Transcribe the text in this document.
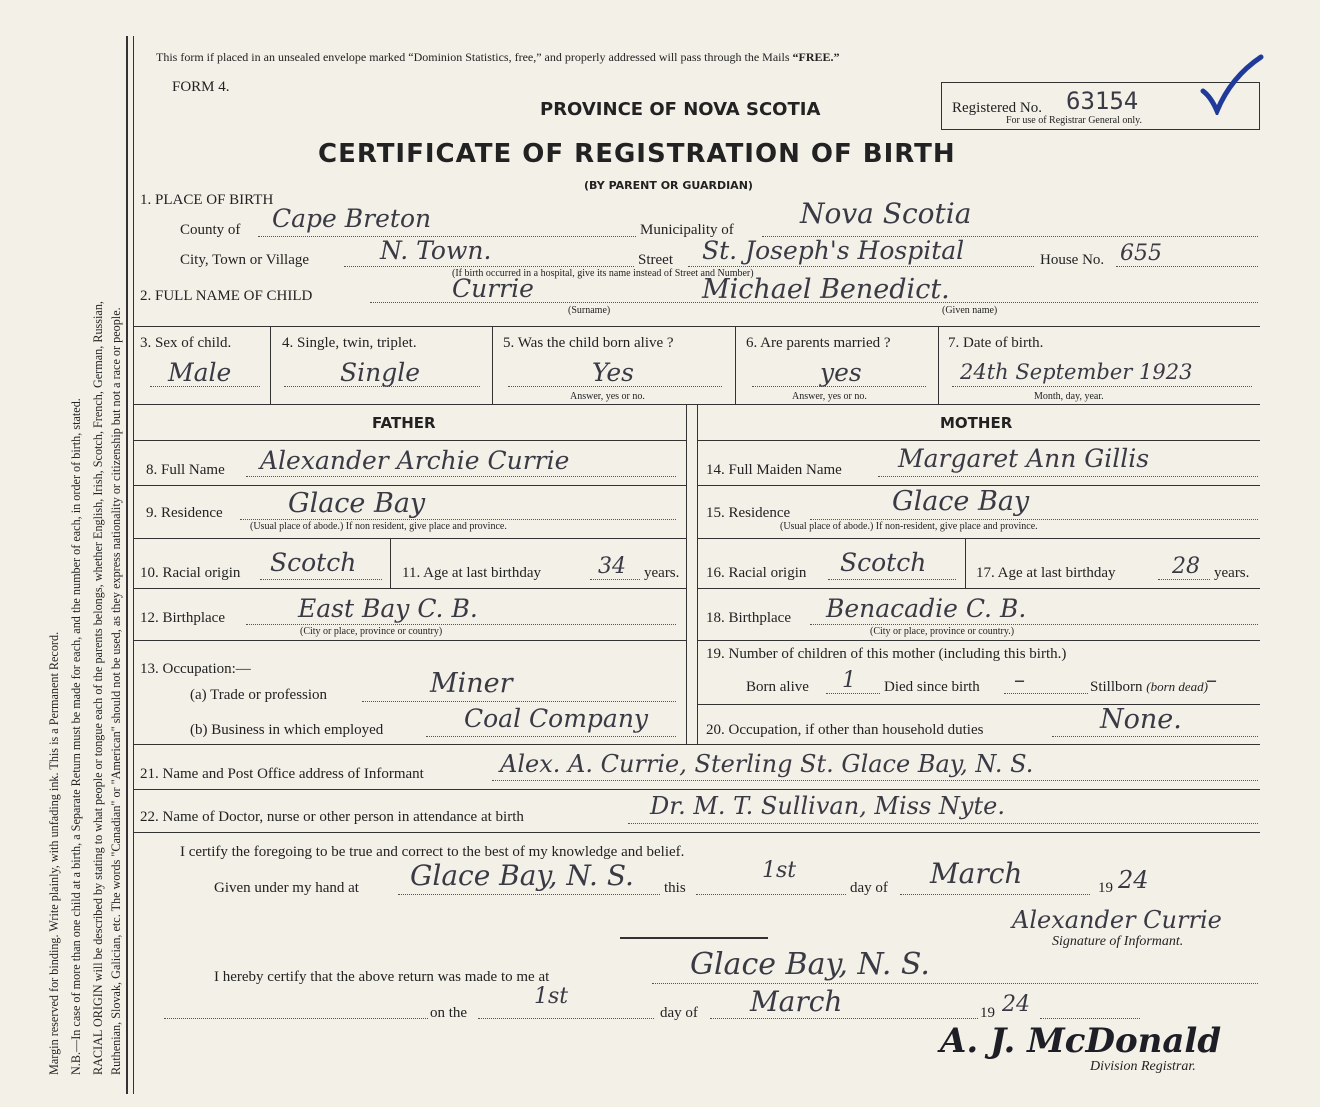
Margin reserved for binding. Write plainly, with unfading ink. This is a Permanent Record. N.B.—In case of more than one child at a birth, a Separate Return must be made for each, and the number of each, in order of birth, stated. RACIAL ORIGIN will be described by stating to what people or tongue each of the parents belongs, whether English, Irish, Scotch, French, German, Russian, Ruthenian, Slovak, Galician, etc. The words "Canadian" or "American" should not be used, as they express nationality or citizenship but not a race or people.
This form if placed in an unsealed envelope marked “Dominion Statistics, free,” and properly addressed will pass through the Mails “FREE.”
FORM 4.
PROVINCE OF NOVA SCOTIA
CERTIFICATE OF REGISTRATION OF BIRTH
(BY PARENT OR GUARDIAN)
Registered No. 63154
For use of Registrar General only.
1. PLACE OF BIRTH
County of Cape Breton	Municipality of Nova Scotia
City, Town or Village	N. Town.	Street St. Joseph's Hospital	House No. 655
(If birth occurred in a hospital, give its name instead of Street and Number)
2. FULL NAME OF CHILD	Currie	Michael Benedict.
(Surname)	(Given name)
3. Sex of child.
Male
4. Single, twin, triplet.
Single
5. Was the child born alive ?
Yes
Answer, yes or no.
6. Are parents married ?
yes
Answer, yes or no.
7. Date of birth.
24th September 1923
Month, day, year.
FATHER
8. Full Name Alexander Archie Currie
9. Residence Glace Bay
(Usual place of abode.) If non resident, give place and province.
10. Racial origin Scotch	11. Age at last birthday	34 years.
12. Birthplace	East Bay C. B.
(City or place, province or country)
13. Occupation:—
(a) Trade or profession	Miner
(b) Business in which employed	Coal Company
MOTHER
14. Full Maiden Name Margaret Ann Gillis
15. Residence	Glace Bay
(Usual place of abode.) If non-resident, give place and province.
16. Racial origin Scotch	17. Age at last birthday	28 years.
18. Birthplace Benacadie C. B.
(City or place, province or country.)
19. Number of children of this mother (including this birth.)
Born alive 1 Died since birth –	Stillborn (born dead)
–
20. Occupation, if other than household duties	None.
21. Name and Post Office address of Informant	Alex. A. Currie, Sterling St. Glace Bay, N. S.
22. Name of Doctor, nurse or other person in attendance at birth	Dr. M. T. Sullivan, Miss Nyte.
I certify the foregoing to be true and correct to the best of my knowledge and belief.
Given under my hand at Glace Bay, N. S. this
1st
day of March	19 24
Alexander Currie
Signature of Informant.
I hereby certify that the above return was made to me at	Glace Bay, N. S.
on the
1st
day of March	19 24
A. J. McDonald
Division Registrar.
